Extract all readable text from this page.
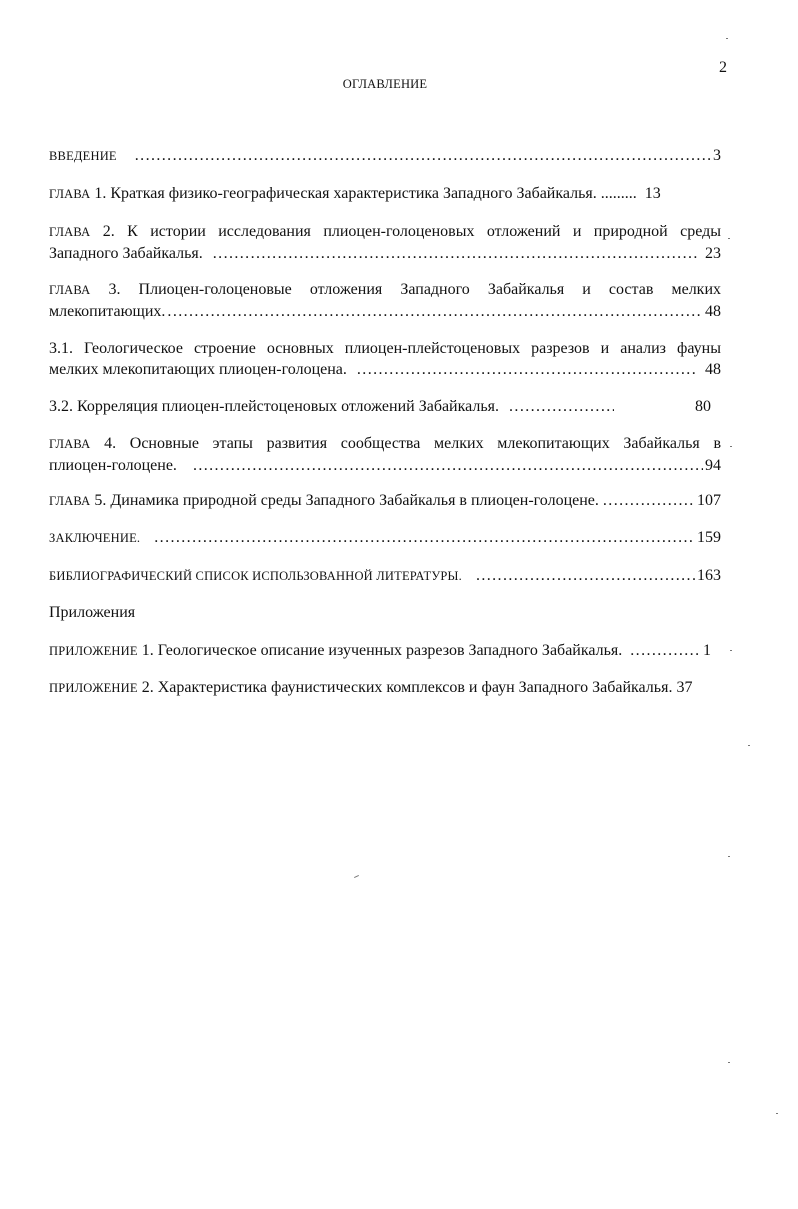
2
ОГЛАВЛЕНИЕ
ВВЕДЕНИЕ .....	3
ГЛАВА 1. Краткая физико-географическая характеристика Западного Забайкалья. ......... 13
ГЛАВА 2. К истории исследования плиоцен-голоценовых отложений и природной среды
Западного Забайкалья. .....	23
ГЛАВА 3. Плиоцен-голоценовые отложения Западного Забайкалья и состав мелких
млекопитающих. .....	48
3.1. Геологическое строение основных плиоцен-плейстоценовых разрезов и анализ фауны
мелких млекопитающих плиоцен-голоцена. .....	48
3.2. Корреляция плиоцен-плейстоценовых отложений Забайкалья. .....	80
ГЛАВА 4. Основные этапы развития сообщества мелких млекопитающих Забайкалья в
плиоцен-голоцене. .....	94
ГЛАВА 5. Динамика природной среды Западного Забайкалья в плиоцен-голоцене. .....	107
ЗАКЛЮЧЕНИЕ. .....	159
БИБЛИОГРАФИЧЕСКИЙ СПИСОК ИСПОЛЬЗОВАННОЙ ЛИТЕРАТУРЫ. .....	163
Приложения
ПРИЛОЖЕНИЕ 1. Геологическое описание изученных разрезов Западного Забайкалья. .....	1
ПРИЛОЖЕНИЕ 2. Характеристика фаунистических комплексов и фаун Западного Забайкалья. 37
